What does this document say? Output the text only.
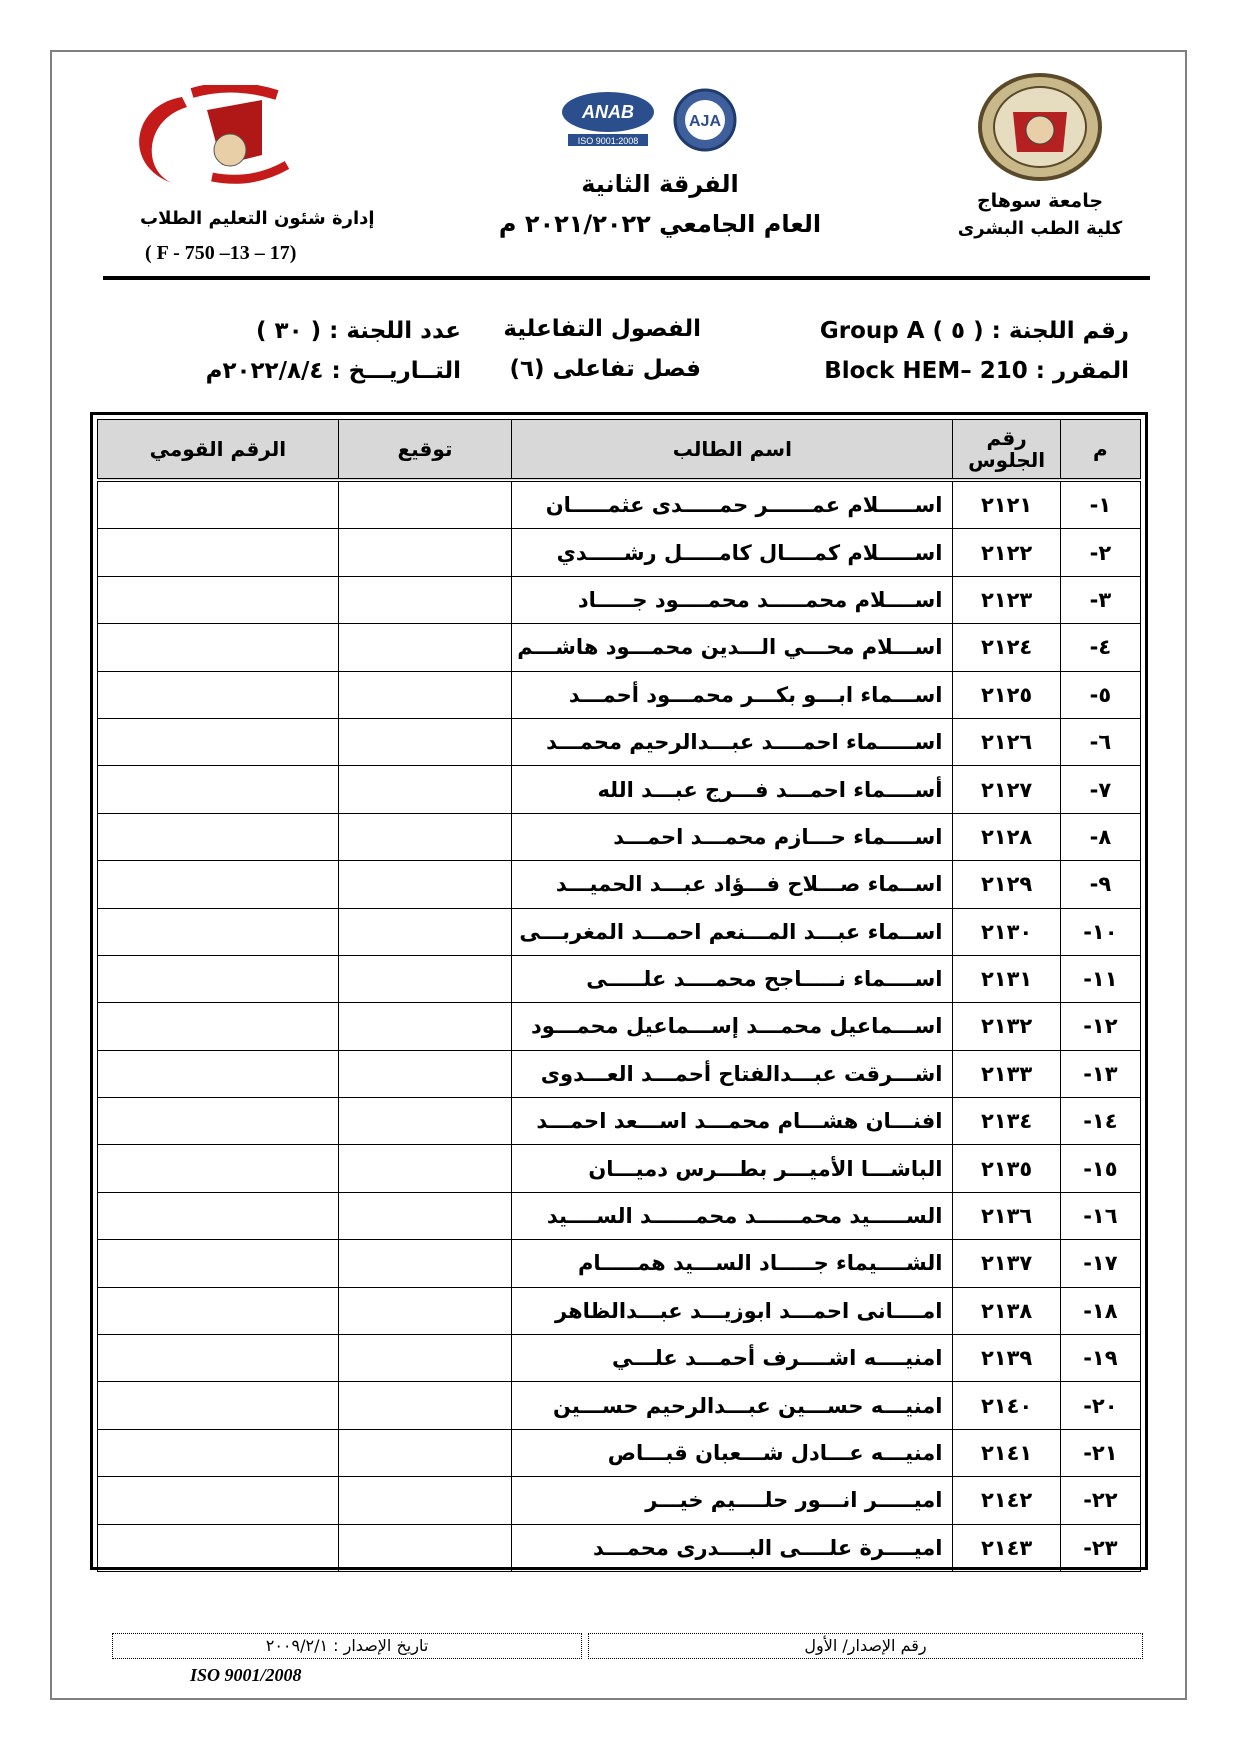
إدارة شئون التعليم الطلاب
( F - 750 –13 – 17)
ANAB
ISO 9001:2008
AJA
الفرقة الثانية
العام الجامعي ٢٠٢١/٢٠٢٢ م
جامعة سوهاج
كلية الطب البشرى
رقم اللجنة : ( ٥ ) Group A
المقرر : Block HEM– 210
الفصول التفاعلية
فصل تفاعلى (٦)
عدد اللجنة : ( ٣٠ )
التــاريـــخ : ٢٠٢٢/٨/٤م
م	رقم الجلوس	اسم الطالب	توقيع	الرقم القومي
١-	٢١٢١	اســـــلام عمــــــر حمـــــدى عثمـــــان		
٢-	٢١٢٢	اســـــلام كمــــال كامـــــل رشـــــدي		
٣-	٢١٢٣	اســــلام محمـــــد محمــــود جـــــاد		
٤-	٢١٢٤	اســـلام محـــي الـــدين محمـــود هاشـــم		
٥-	٢١٢٥	اســـماء ابـــو بكـــر محمـــود أحمـــد		
٦-	٢١٢٦	اســـــماء احمــــد عبـــدالرحيم محمـــد		
٧-	٢١٢٧	أســــماء احمـــد فـــرج عبـــد الله		
٨-	٢١٢٨	اســــماء حـــازم محمـــد احمـــد		
٩-	٢١٢٩	اســماء صـــلاح فـــؤاد عبـــد الحميـــد		
١٠-	٢١٣٠	اســماء عبـــد المـــنعم احمـــد المغربـــى		
١١-	٢١٣١	اســــماء نـــــاجح محمــــد علـــــى		
١٢-	٢١٣٢	اســـماعيل محمـــد إســـماعيل محمـــود		
١٣-	٢١٣٣	اشـــرقت عبـــدالفتاح أحمـــد العـــدوى		
١٤-	٢١٣٤	افنـــان هشـــام محمـــد اســـعد احمـــد		
١٥-	٢١٣٥	الباشـــا الأميـــر بطـــرس دميـــان		
١٦-	٢١٣٦	الســـــيد محمــــــد محمــــــد الســــيد		
١٧-	٢١٣٧	الشــــيماء جـــــاد الســـيد همـــــام		
١٨-	٢١٣٨	امــــانى احمـــد ابوزيـــد عبـــدالظاهر		
١٩-	٢١٣٩	امنيــــه اشــــرف أحمـــد علـــي		
٢٠-	٢١٤٠	امنيـــه حســـين عبـــدالرحيم حســـين		
٢١-	٢١٤١	امنيـــه عـــادل شـــعبان قبـــاص		
٢٢-	٢١٤٢	اميـــــر انـــور حلــــيم خيـــر		
٢٣-	٢١٤٣	اميــــرة علــــى البــــدرى محمـــد		
رقم الإصدار/ الأول
تاريخ الإصدار : ٢٠٠٩/٢/١
ISO 9001/2008
